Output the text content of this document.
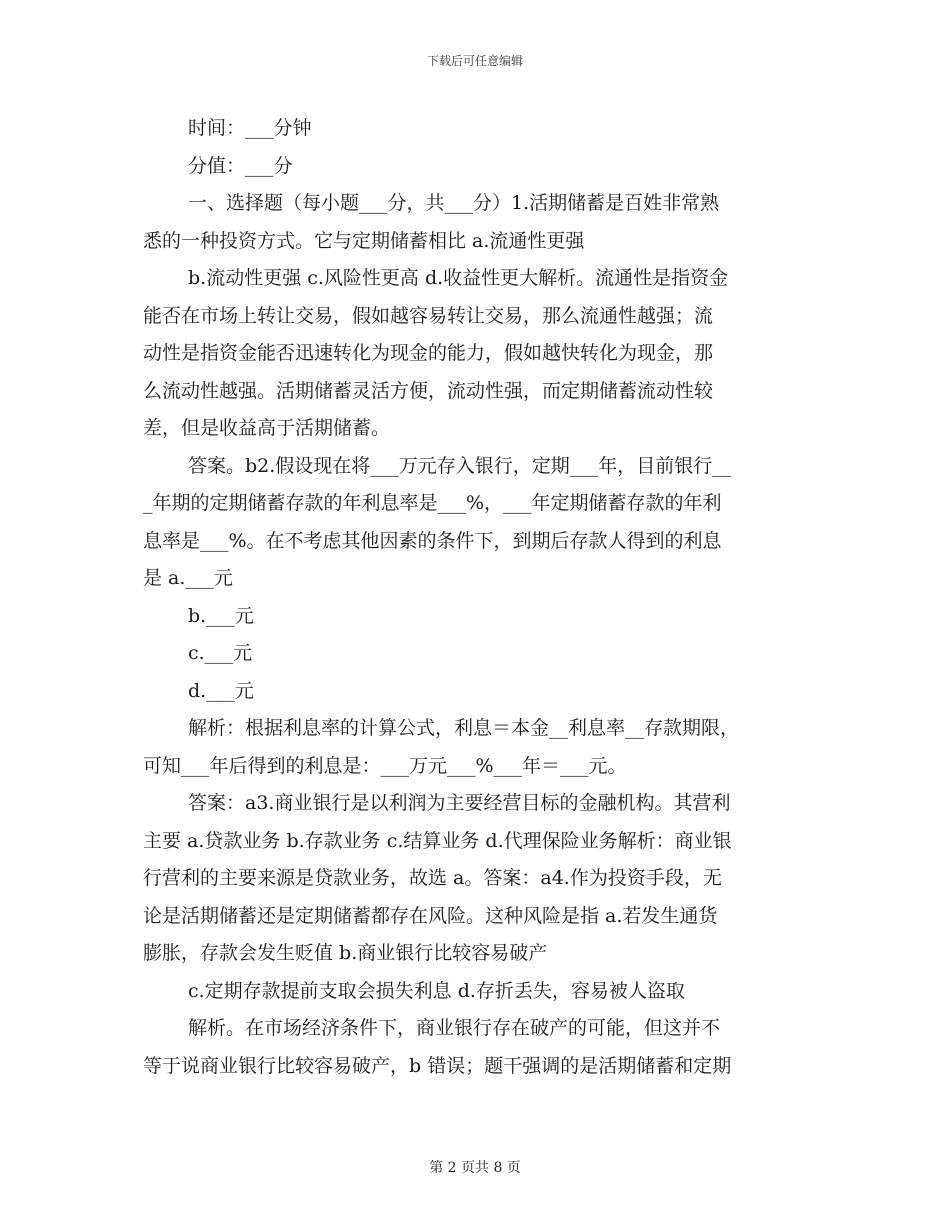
下载后可任意编辑
时间：___分钟
分值：___分
一、选择题（每小题___分，共___分）1.活期储蓄是百姓非常熟
悉的一种投资方式。它与定期储蓄相比 a.流通性更强
b.流动性更强 c.风险性更高 d.收益性更大解析。流通性是指资金
能否在市场上转让交易，假如越容易转让交易，那么流通性越强；流
动性是指资金能否迅速转化为现金的能力，假如越快转化为现金，那
么流动性越强。活期储蓄灵活方便，流动性强，而定期储蓄流动性较
差，但是收益高于活期储蓄。
答案。b2.假设现在将___万元存入银行，定期___年，目前银行__
_年期的定期储蓄存款的年利息率是___%，___年定期储蓄存款的年利
息率是___%。在不考虑其他因素的条件下，到期后存款人得到的利息
是 a.___元
b.___元
c.___元
d.___元
解析：根据利息率的计算公式，利息＝本金__利息率__存款期限，
可知___年后得到的利息是：___万元___%___年＝___元。
答案：a3.商业银行是以利润为主要经营目标的金融机构。其营利
主要 a.贷款业务 b.存款业务 c.结算业务 d.代理保险业务解析：商业银
行营利的主要来源是贷款业务，故选 a。答案：a4.作为投资手段，无
论是活期储蓄还是定期储蓄都存在风险。这种风险是指 a.若发生通货
膨胀，存款会发生贬值 b.商业银行比较容易破产
c.定期存款提前支取会损失利息 d.存折丢失，容易被人盗取
解析。在市场经济条件下，商业银行存在破产的可能，但这并不
等于说商业银行比较容易破产，b 错误；题干强调的是活期储蓄和定期
第 2 页共 8 页
